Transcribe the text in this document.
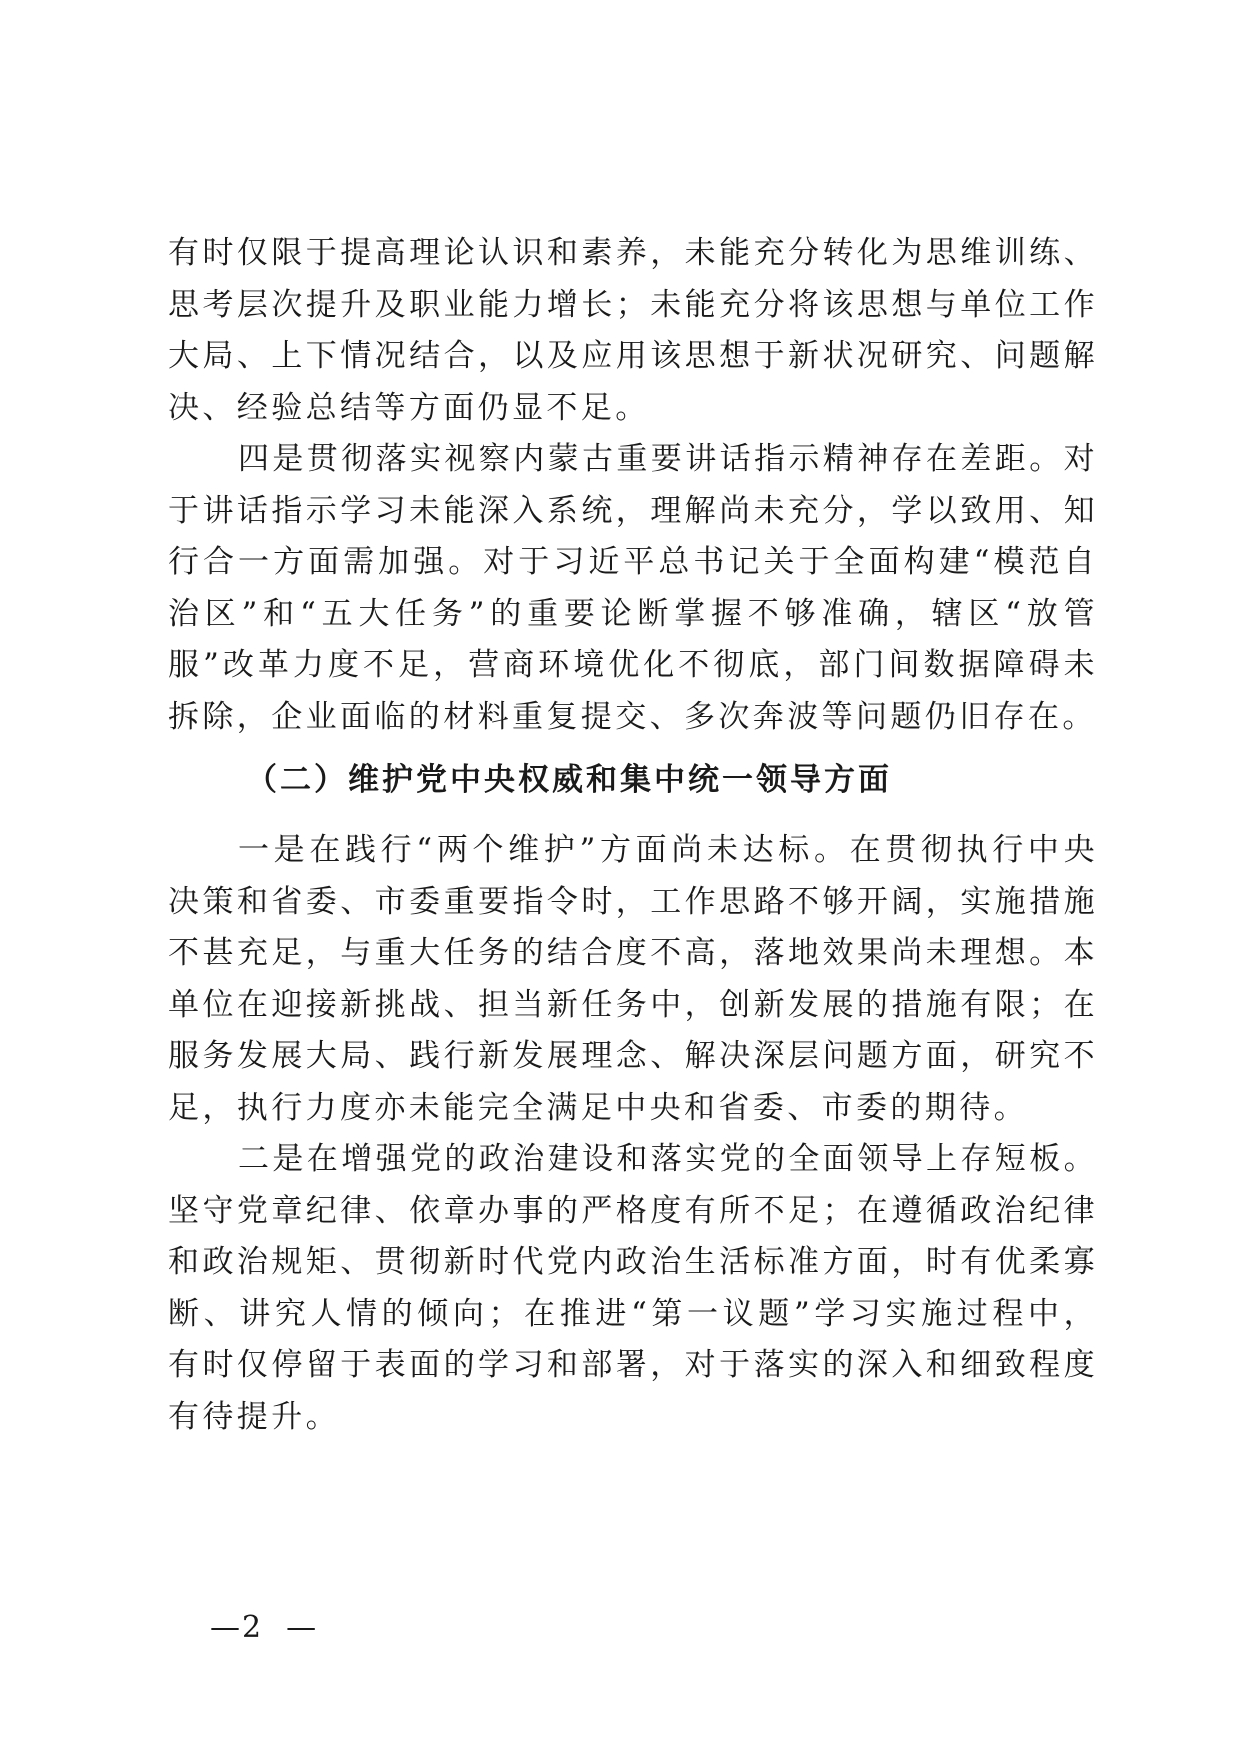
有时仅限于提高理论认识和素养，未能充分转化为思维训练、思考层次提升及职业能力增长；未能充分将该思想与单位工作大局、上下情况结合，以及应用该思想于新状况研究、问题解决、经验总结等方面仍显不足。

四是贯彻落实视察内蒙古重要讲话指示精神存在差距。对于讲话指示学习未能深入系统，理解尚未充分，学以致用、知行合一方面需加强。对于习近平总书记关于全面构建“模范自治区”和“五大任务”的重要论断掌握不够准确，辖区“放管服”改革力度不足，营商环境优化不彻底，部门间数据障碍未拆除，企业面临的材料重复提交、多次奔波等问题仍旧存在。

（二）维护党中央权威和集中统一领导方面

一是在践行“两个维护”方面尚未达标。在贯彻执行中央决策和省委、市委重要指令时，工作思路不够开阔，实施措施不甚充足，与重大任务的结合度不高，落地效果尚未理想。本单位在迎接新挑战、担当新任务中，创新发展的措施有限；在服务发展大局、践行新发展理念、解决深层问题方面，研究不足，执行力度亦未能完全满足中央和省委、市委的期待。

二是在增强党的政治建设和落实党的全面领导上存短板。坚守党章纪律、依章办事的严格度有所不足；在遵循政治纪律和政治规矩、贯彻新时代党内政治生活标准方面，时有优柔寡断、讲究人情的倾向；在推进“第一议题”学习实施过程中，有时仅停留于表面的学习和部署，对于落实的深入和细致程度有待提升。

—2  —
